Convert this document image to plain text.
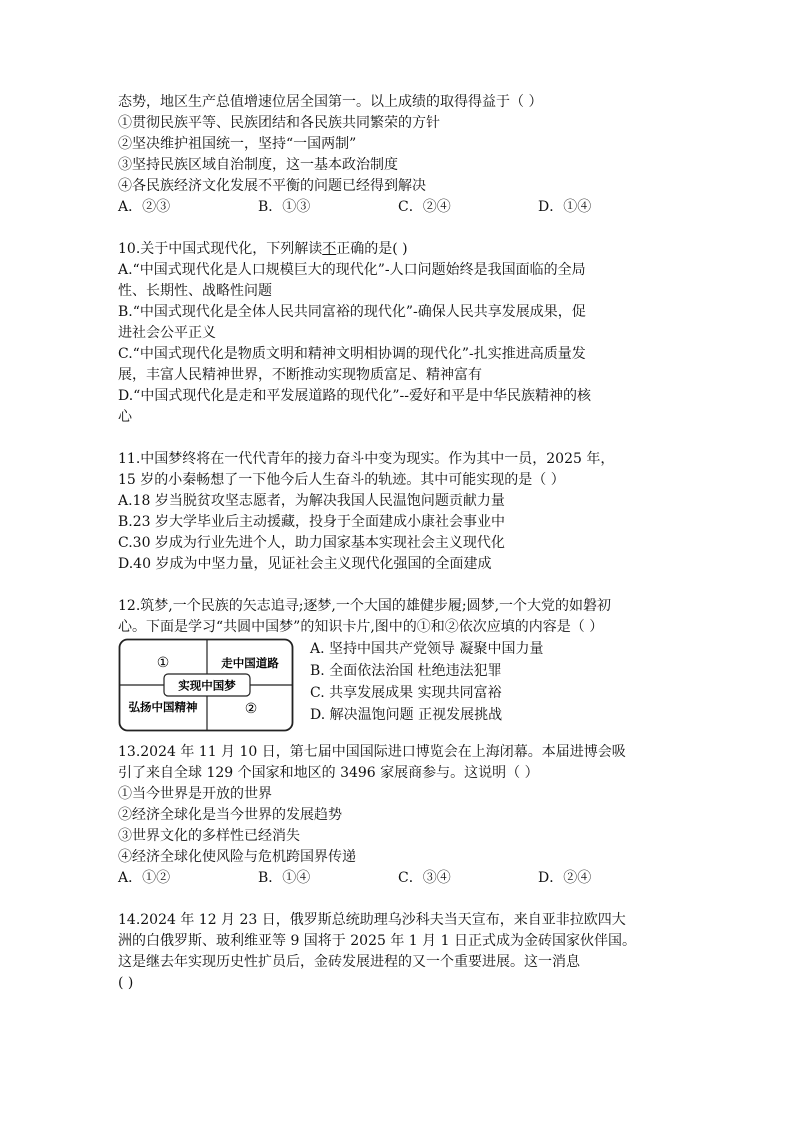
态势，地区生产总值增速位居全国第一。以上成绩的取得得益于（ ）
①贯彻民族平等、民族团结和各民族共同繁荣的方针
②坚决维护祖国统一，坚持“一国两制”
③坚持民族区域自治制度，这一基本政治制度
④各民族经济文化发展不平衡的问题已经得到解决
A．②③	B．①③	C．②④	D．①④
10.关于中国式现代化，下列解读不正确的是( )
A.“中国式现代化是人口规模巨大的现代化”-人口问题始终是我国面临的全局
性、长期性、战略性问题
B.“中国式现代化是全体人民共同富裕的现代化”-确保人民共享发展成果，促
进社会公平正义
C.“中国式现代化是物质文明和精神文明相协调的现代化”-扎实推进高质量发
展，丰富人民精神世界，不断推动实现物质富足、精神富有
D.“中国式现代化是走和平发展道路的现代化”--爱好和平是中华民族精神的核
心
11.中国梦终将在一代代青年的接力奋斗中变为现实。作为其中一员，2025 年，
15 岁的小秦畅想了一下他今后人生奋斗的轨迹。其中可能实现的是（ ）
A.18 岁当脱贫攻坚志愿者，为解决我国人民温饱问题贡献力量
B.23 岁大学毕业后主动援藏，投身于全面建成小康社会事业中
C.30 岁成为行业先进个人，助力国家基本实现社会主义现代化
D.40 岁成为中坚力量，见证社会主义现代化强国的全面建成
12.筑梦,一个民族的矢志追寻;逐梦,一个大国的雄健步履;圆梦,一个大党的如磐初
心。下面是学习“共圆中国梦”的知识卡片,图中的①和②依次应填的内容是（ ）
①	走中国道路
实现中国梦
弘扬中国精神	②
A. 坚持中国共产党领导 凝聚中国力量
B. 全面依法治国 杜绝违法犯罪
C. 共享发展成果 实现共同富裕
D. 解决温饱问题 正视发展挑战
13.2024 年 11 月 10 日，第七届中国国际进口博览会在上海闭幕。本届进博会吸
引了来自全球 129 个国家和地区的 3496 家展商参与。这说明（ ）
①当今世界是开放的世界
②经济全球化是当今世界的发展趋势
③世界文化的多样性已经消失
④经济全球化使风险与危机跨国界传递
A．①②	B．①④	C．③④	D．②④
14.2024 年 12 月 23 日，俄罗斯总统助理乌沙科夫当天宣布，来自亚非拉欧四大
洲的白俄罗斯、玻利维亚等 9 国将于 2025 年 1 月 1 日正式成为金砖国家伙伴国。
这是继去年实现历史性扩员后，金砖发展进程的又一个重要进展。这一消息
( )
